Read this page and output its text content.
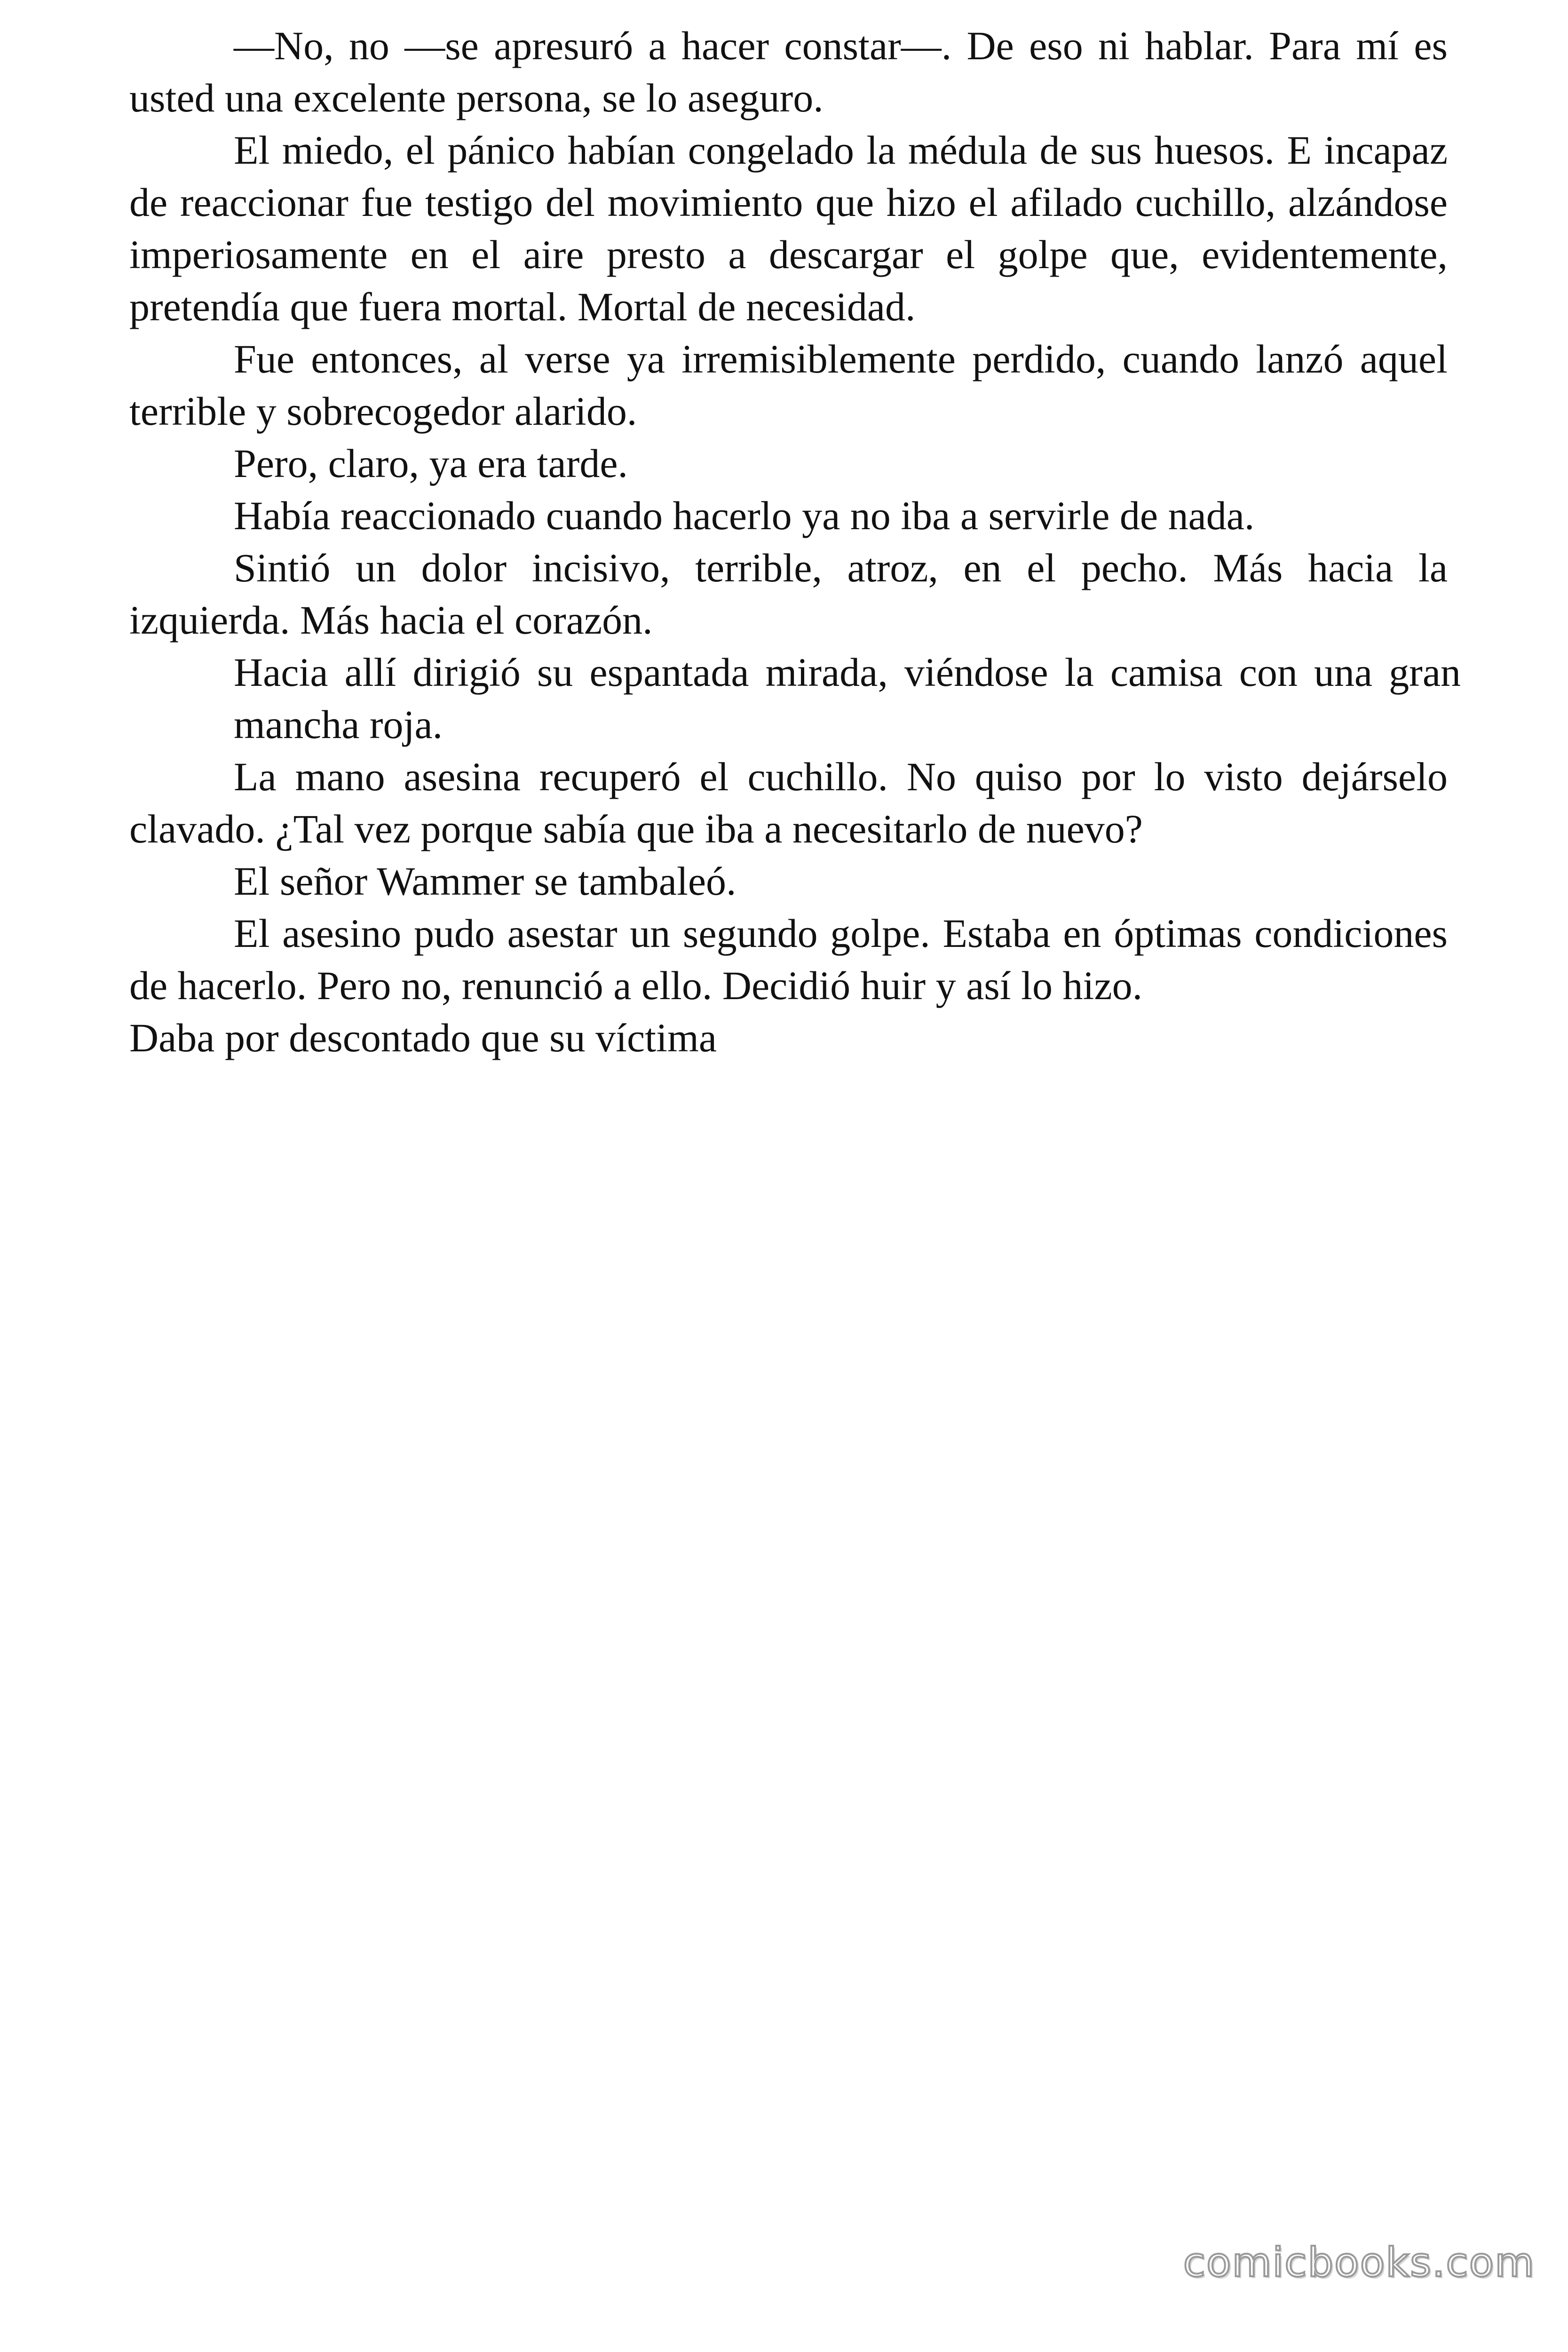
—No, no —se apresuró a hacer constar—. De eso ni hablar. Para mí es usted una excelente persona, se lo aseguro.

El miedo, el pánico habían congelado la médula de sus huesos. E incapaz de reaccionar fue testigo del movimiento que hizo el afilado cuchillo, alzándose imperiosamente en el aire presto a descargar el golpe que, evidentemente, pretendía que fuera mortal. Mortal de necesidad.

Fue entonces, al verse ya irremisiblemente perdido, cuando lanzó aquel terrible y sobrecogedor alarido.

Pero, claro, ya era tarde.

Había reaccionado cuando hacerlo ya no iba a servirle de nada.

Sintió un dolor incisivo, terrible, atroz, en el pecho. Más hacia la izquierda. Más hacia el corazón.

Hacia allí dirigió su espantada mirada, viéndose la camisa con una gran mancha roja.

La mano asesina recuperó el cuchillo. No quiso por lo visto dejárselo clavado. ¿Tal vez porque sabía que iba a necesitarlo de nuevo?

El señor Wammer se tambaleó.

El asesino pudo asestar un segundo golpe. Estaba en óptimas condiciones de hacerlo. Pero no, renunció a ello. Decidió huir y así lo hizo.

Daba por descontado que su víctima

comicbooks.com
